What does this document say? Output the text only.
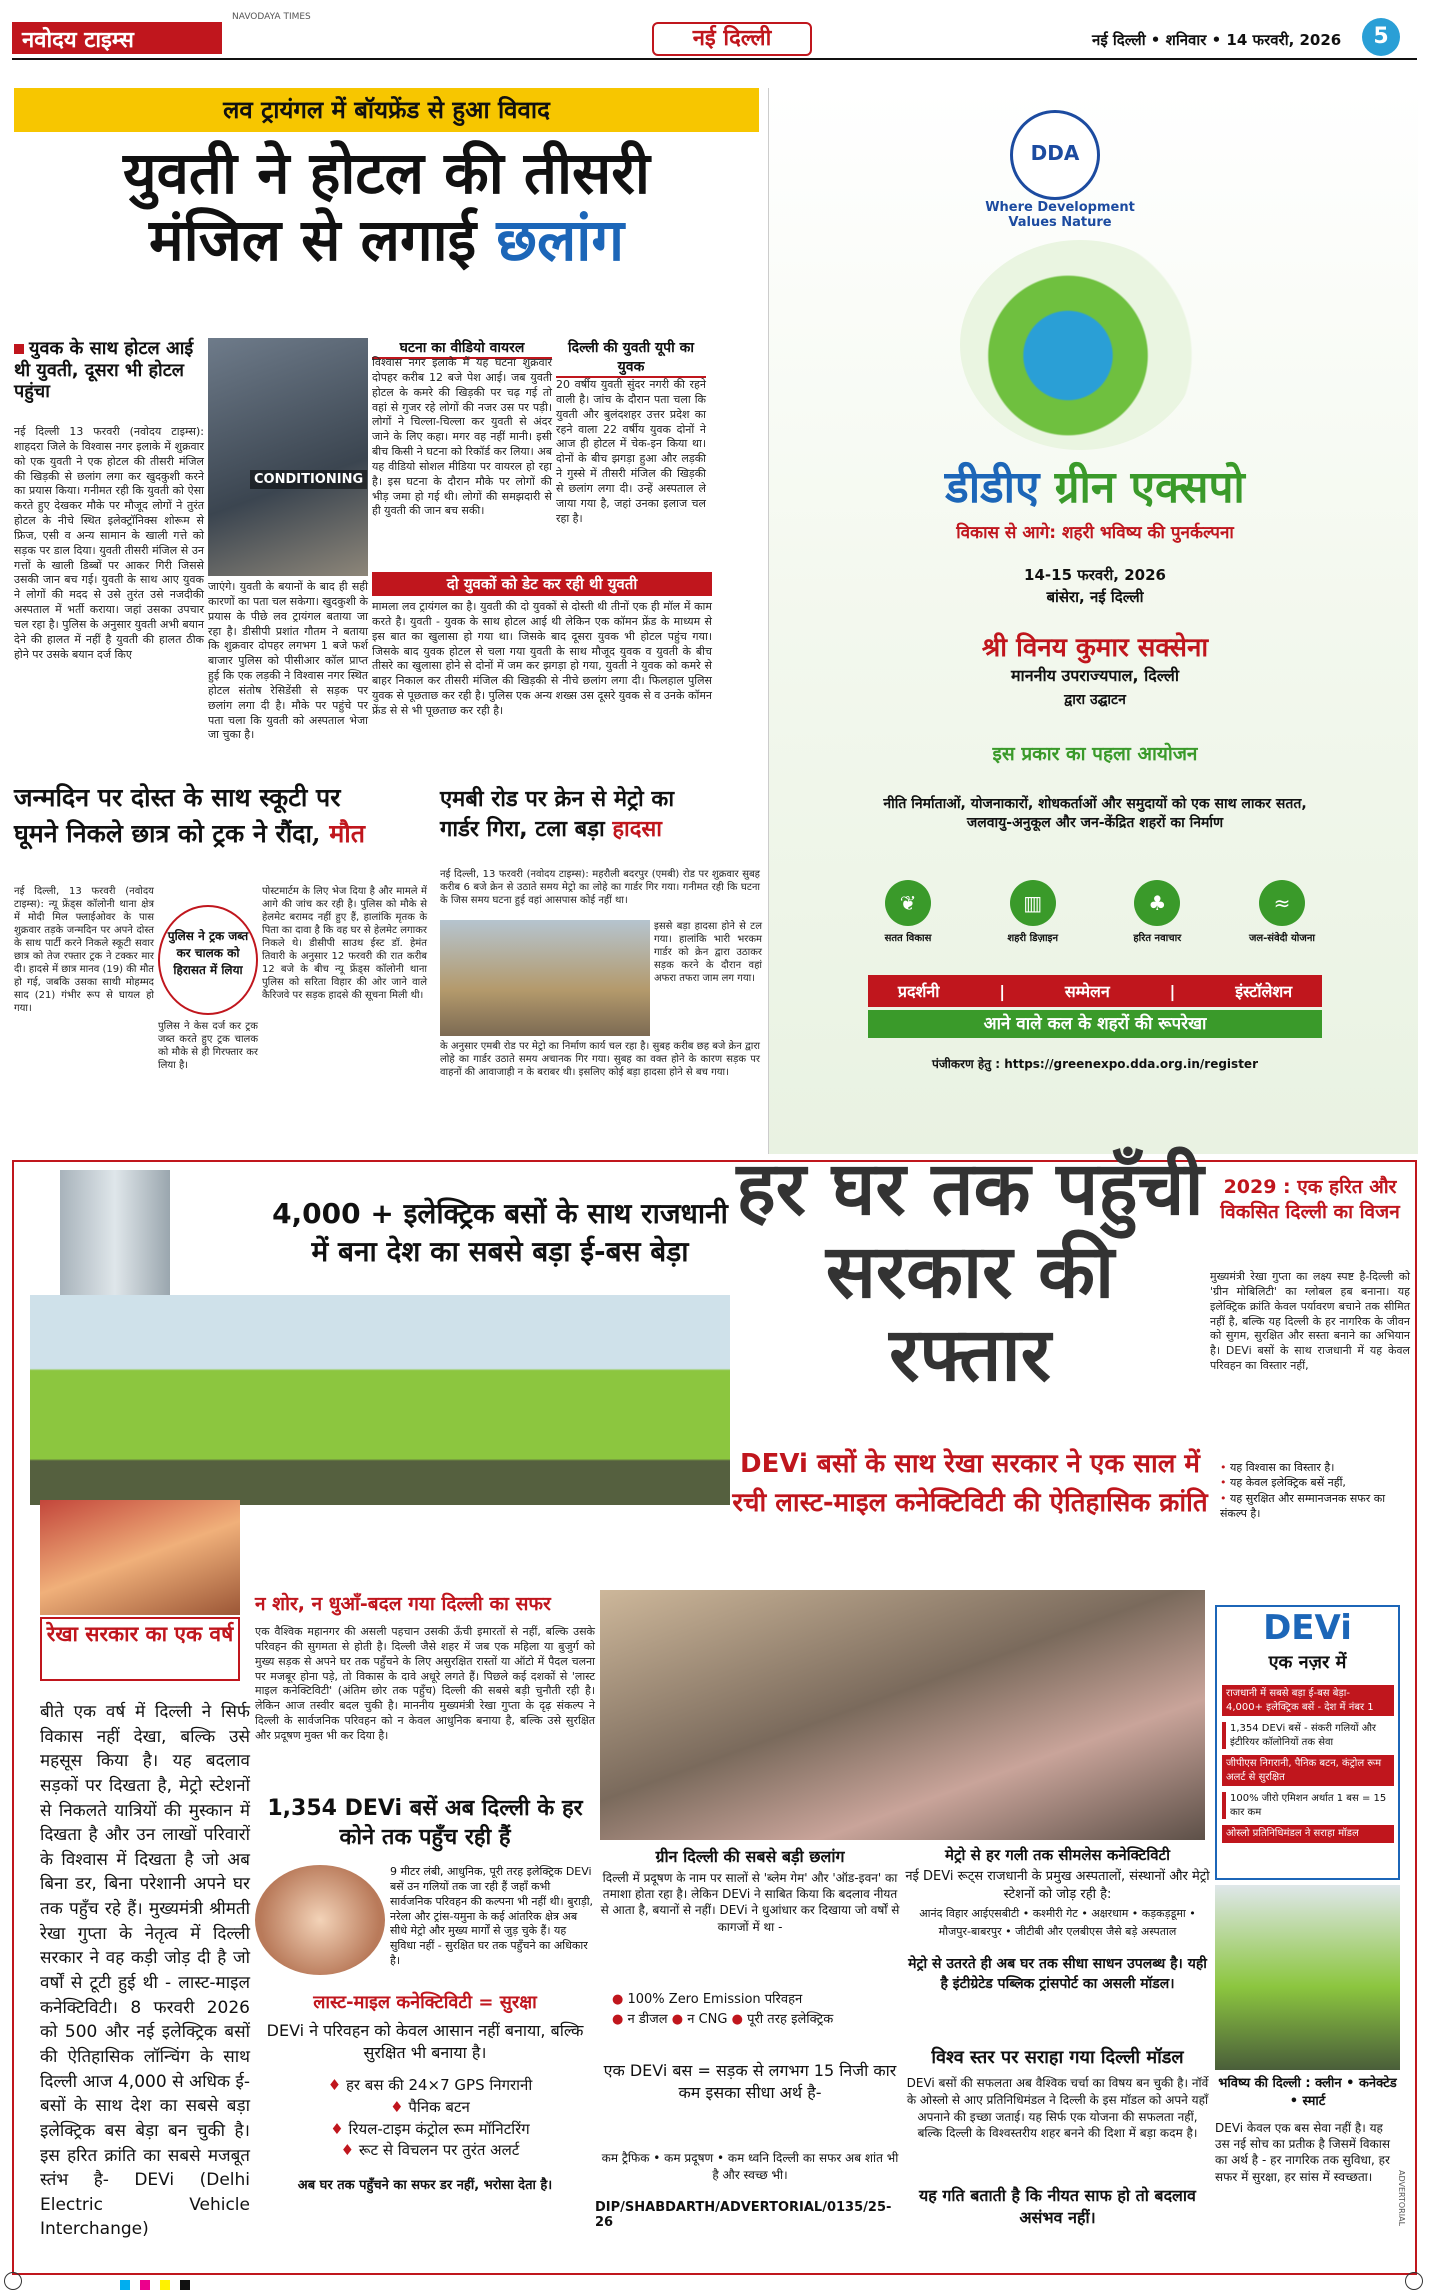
नवोदय टाइम्स
NAVODAYA TIMES
नई दिल्ली	नई दिल्ली • शनिवार • 14 फरवरी, 2026	5
लव ट्रायंगल में बॉयफ्रेंड से हुआ विवाद
युवती ने होटल की तीसरी
मंजिल से लगाई छलांग
युवक के साथ होटल आई थी युवती, दूसरा भी होटल पहुंचा
नई दिल्ली 13 फरवरी (नवोदय टाइम्स): शाहदरा जिले के विश्वास नगर इलाके में शुक्रवार को एक युवती ने एक होटल की तीसरी मंजिल की खिड़की से छलांग लगा कर खुदकुशी करने का प्रयास किया। गनीमत रही कि युवती को ऐसा करते हुए देखकर मौके पर मौजूद लोगों ने तुरंत होटल के नीचे स्थित इलेक्ट्रॉनिक्स शोरूम से फ्रिज, एसी व अन्य सामान के खाली गत्ते को सड़क पर डाल दिया। युवती तीसरी मंजिल से उन गत्तों के खाली डिब्बों पर आकर गिरी जिससे उसकी जान बच गई। युवती के साथ आए युवक ने लोगों की मदद से उसे तुरंत उसे नजदीकी अस्पताल में भर्ती कराया। जहां उसका उपचार चल रहा है। पुलिस के अनुसार युवती अभी बयान देने की हालत में नहीं है युवती की हालत ठीक होने पर उसके बयान दर्ज किए
CONDITIONING
जाएंगे। युवती के बयानों के बाद ही सही कारणों का पता चल सकेगा। खुदकुशी के प्रयास के पीछे लव ट्रायंगल बताया जा रहा है। डीसीपी प्रशांत गौतम ने बताया कि शुक्रवार दोपहर लगभग 1 बजे फर्श बाजार पुलिस को पीसीआर कॉल प्राप्त हुई कि एक लड़की ने विश्वास नगर स्थित होटल संतोष रेसिडेंसी से सड़क पर छलांग लगा दी है। मौके पर पहुंचे पर पता चला कि युवती को अस्पताल भेजा जा चुका है।
घटना का वीडियो वायरल
विश्वास नगर इलाके में यह घटना शुक्रवार दोपहर करीब 12 बजे पेश आई। जब युवती होटल के कमरे की खिड़की पर चढ़ गई तो वहां से गुजर रहे लोगों की नजर उस पर पड़ी। लोगों ने चिल्ला-चिल्ला कर युवती से अंदर जाने के लिए कहा। मगर वह नहीं मानी। इसी बीच किसी ने घटना को रिकॉर्ड कर लिया। अब यह वीडियो सोशल मीडिया पर वायरल हो रहा है। इस घटना के दौरान मौके पर लोगों की भीड़ जमा हो गई थी। लोगों की समझदारी से ही युवती की जान बच सकी।
दिल्ली की युवती यूपी का युवक
20 वर्षीय युवती सुंदर नगरी की रहने वाली है। जांच के दौरान पता चला कि युवती और बुलंदशहर उत्तर प्रदेश का रहने वाला 22 वर्षीय युवक दोनों ने आज ही होटल में चेक-इन किया था। दोनों के बीच झगड़ा हुआ और लड़की ने गुस्से में तीसरी मंजिल की खिड़की से छलांग लगा दी। उन्हें अस्पताल ले जाया गया है, जहां उनका इलाज चल रहा है।
दो युवकों को डेट कर रही थी युवती
मामला लव ट्रायंगल का है। युवती की दो युवकों से दोस्ती थी तीनों एक ही मॉल में काम करते है। युवती - युवक के साथ होटल आई थी लेकिन एक कॉमन फ्रेंड के माध्यम से इस बात का खुलासा हो गया था। जिसके बाद दूसरा युवक भी होटल पहुंच गया। जिसके बाद युवक होटल से चला गया युवती के साथ मौजूद युवक व युवती के बीच तीसरे का खुलासा होने से दोनों में जम कर झगड़ा हो गया, युवती ने युवक को कमरे से बाहर निकाल कर तीसरी मंजिल की खिड़की से नीचे छलांग लगा दी। फिलहाल पुलिस युवक से पूछताछ कर रही है। पुलिस एक अन्य शख्स उस दूसरे युवक से व उनके कॉमन फ्रेंड से से भी पूछताछ कर रही है।
DDA
Where Development Values Nature
डीडीए ग्रीन एक्सपो
विकास से आगे: शहरी भविष्य की पुनर्कल्पना
14-15 फरवरी, 2026
बांसेरा, नई दिल्ली
श्री विनय कुमार सक्सेना
माननीय उपराज्यपाल, दिल्ली
द्वारा उद्घाटन
इस प्रकार का पहला आयोजन
नीति निर्माताओं, योजनाकारों, शोधकर्ताओं और समुदायों को एक साथ लाकर सतत, जलवायु-अनुकूल और जन-केंद्रित शहरों का निर्माण
❦
सतत विकास
▥
शहरी डिज़ाइन
♣
हरित नवाचार
≈
जल-संवेदी योजना
प्रदर्शनी	|	सम्मेलन	|	इंस्टॉलेशन
आने वाले कल के शहरों की रूपरेखा
पंजीकरण हेतु : https://greenexpo.dda.org.in/register
जन्मदिन पर दोस्त के साथ स्कूटी पर
घूमने निकले छात्र को ट्रक ने रौंदा, मौत
नई दिल्ली, 13 फरवरी (नवोदय टाइम्स): न्यू फ्रेंड्स कॉलोनी थाना क्षेत्र में मोदी मिल फ्लाईओवर के पास शुक्रवार तड़के जन्मदिन पर अपने दोस्त के साथ पार्टी करने निकले स्कूटी सवार छात्र को तेज रफ्तार ट्रक ने टक्कर मार दी। हादसे में छात्र मानव (19) की मौत हो गई, जबकि उसका साथी मोहम्मद साद (21) गंभीर रूप से घायल हो गया।
पुलिस ने ट्रक जब्त कर चालक को हिरासत में लिया
पुलिस ने केस दर्ज कर ट्रक जब्त करते हुए ट्रक चालक को मौके से ही गिरफ्तार कर लिया है।
पोस्टमार्टम के लिए भेज दिया है और मामले में आगे की जांच कर रही है। पुलिस को मौके से हेलमेट बरामद नहीं हुए हैं, हालांकि मृतक के पिता का दावा है कि वह घर से हेलमेट लगाकर निकले थे। डीसीपी साउथ ईस्ट डॉ. हेमंत तिवारी के अनुसार 12 फरवरी की रात करीब 12 बजे के बीच न्यू फ्रेंड्स कॉलोनी थाना पुलिस को सरिता विहार की ओर जाने वाले कैरिजवे पर सड़क हादसे की सूचना मिली थी।
एमबी रोड पर क्रेन से मेट्रो का गार्डर गिरा, टला बड़ा हादसा
नई दिल्ली, 13 फरवरी (नवोदय टाइम्स): महरौली बदरपुर (एमबी) रोड पर शुक्रवार सुबह करीब 6 बजे क्रेन से उठाते समय मेट्रो का लोहे का गार्डर गिर गया। गनीमत रही कि घटना के जिस समय घटना हुई वहां आसपास कोई नहीं था।
इससे बड़ा हादसा होने से टल गया। हालांकि भारी भरकम गार्डर को क्रेन द्वारा उठाकर सड़क करने के दौरान वहां अफरा तफरा जाम लग गया।
के अनुसार एमबी रोड पर मेट्रो का निर्माण कार्य चल रहा है। सुबह करीब छह बजे क्रेन द्वारा लोहे का गार्डर उठाते समय अचानक गिर गया। सुबह का वक्त होने के कारण सड़क पर वाहनों की आवाजाही न के बराबर थी। इसलिए कोई बड़ा हादसा होने से बच गया।
4,000 + इलेक्ट्रिक बसों के साथ राजधानी में बना देश का सबसे बड़ा ई-बस बेड़ा
हर घर तक पहुँची सरकार की रफ्तार
DEVi बसों के साथ रेखा सरकार ने एक साल में रची लास्ट-माइल कनेक्टिविटी की ऐतिहासिक क्रांति
2029 : एक हरित और विकसित दिल्ली का विजन
मुख्यमंत्री रेखा गुप्ता का लक्ष्य स्पष्ट है-दिल्ली को 'ग्रीन मोबिलिटी' का ग्लोबल हब बनाना। यह इलेक्ट्रिक क्रांति केवल पर्यावरण बचाने तक सीमित नहीं है, बल्कि यह दिल्ली के हर नागरिक के जीवन को सुगम, सुरक्षित और सस्ता बनाने का अभियान है। DEVi बसों के साथ राजधानी में यह केवल परिवहन का विस्तार नहीं,
• यह विश्वास का विस्तार है।
• यह केवल इलेक्ट्रिक बसें नहीं,
• यह सुरक्षित और सम्मानजनक सफर का संकल्प है।
रेखा सरकार का एक वर्ष
बीते एक वर्ष में दिल्ली ने सिर्फ विकास नहीं देखा, बल्कि उसे महसूस किया है। यह बदलाव सड़कों पर दिखता है, मेट्रो स्टेशनों से निकलते यात्रियों की मुस्कान में दिखता है और उन लाखों परिवारों के विश्वास में दिखता है जो अब बिना डर, बिना परेशानी अपने घर तक पहुँच रहे हैं। मुख्यमंत्री श्रीमती रेखा गुप्ता के नेतृत्व में दिल्ली सरकार ने वह कड़ी जोड़ दी है जो वर्षों से टूटी हुई थी - लास्ट-माइल कनेक्टिविटी। 8 फरवरी 2026 को 500 और नई इलेक्ट्रिक बसों की ऐतिहासिक लॉन्चिंग के साथ दिल्ली आज 4,000 से अधिक ई-बसों के साथ देश का सबसे बड़ा इलेक्ट्रिक बस बेड़ा बन चुकी है। इस हरित क्रांति का सबसे मजबूत स्तंभ है- DEVi (Delhi Electric Vehicle Interchange)
न शोर, न धुआँ-बदल गया दिल्ली का सफर
एक वैश्विक महानगर की असली पहचान उसकी ऊँची इमारतों से नहीं, बल्कि उसके परिवहन की सुगमता से होती है। दिल्ली जैसे शहर में जब एक महिला या बुजुर्ग को मुख्य सड़क से अपने घर तक पहुँचने के लिए असुरक्षित रास्तों या ऑटो में पैदल चलना पर मजबूर होना पड़े, तो विकास के दावे अधूरे लगते हैं। पिछले कई दशकों से 'लास्ट माइल कनेक्टिविटी' (अंतिम छोर तक पहुँच) दिल्ली की सबसे बड़ी चुनौती रही है। लेकिन आज तस्वीर बदल चुकी है। माननीय मुख्यमंत्री रेखा गुप्ता के दृढ़ संकल्प ने दिल्ली के सार्वजनिक परिवहन को न केवल आधुनिक बनाया है, बल्कि उसे सुरक्षित और प्रदूषण मुक्त भी कर दिया है।
1,354 DEVi बसें अब दिल्ली के हर कोने तक पहुँच रही हैं
9 मीटर लंबी, आधुनिक, पूरी तरह इलेक्ट्रिक DEVi बसें उन गलियों तक जा रही हैं जहाँ कभी सार्वजनिक परिवहन की कल्पना भी नहीं थी। बुराड़ी, नरेला और ट्रांस-यमुना के कई आंतरिक क्षेत्र अब सीधे मेट्रो और मुख्य मार्गों से जुड़ चुके हैं। यह सुविधा नहीं - सुरक्षित घर तक पहुँचने का अधिकार है।
लास्ट-माइल कनेक्टिविटी = सुरक्षा
DEVi ने परिवहन को केवल आसान नहीं बनाया, बल्कि सुरक्षित भी बनाया है।
♦ हर बस की 24×7 GPS निगरानी
♦ पैनिक बटन
♦ रियल-टाइम कंट्रोल रूम मॉनिटरिंग
♦ रूट से विचलन पर तुरंत अलर्ट
अब घर तक पहुँचने का सफर डर नहीं, भरोसा देता है।
DIP/SHABDARTH/ADVERTORIAL/0135/25-26
ग्रीन दिल्ली की सबसे बड़ी छलांग
दिल्ली में प्रदूषण के नाम पर सालों से 'ब्लेम गेम' और 'ऑड-इवन' का तमाशा होता रहा है। लेकिन DEVi ने साबित किया कि बदलाव नीयत से आता है, बयानों से नहीं। DEVi ने धुआंधार कर दिखाया जो वर्षों से कागजों में था -
● 100% Zero Emission परिवहन
● न डीजल ● न CNG ● पूरी तरह इलेक्ट्रिक
एक DEVi बस = सड़क से लगभग 15 निजी कार कम इसका सीधा अर्थ है-
कम ट्रैफिक • कम प्रदूषण • कम ध्वनि दिल्ली का सफर अब शांत भी है और स्वच्छ भी।
मेट्रो से हर गली तक सीमलेस कनेक्टिविटी
नई DEVi रूट्स राजधानी के प्रमुख अस्पतालों, संस्थानों और मेट्रो स्टेशनों को जोड़ रही है:
आनंद विहार आईएसबीटी • कश्मीरी गेट • अक्षरधाम • कड़कड़डूमा • मौजपुर-बाबरपुर • जीटीबी और एलबीएस जैसे बड़े अस्पताल
मेट्रो से उतरते ही अब घर तक सीधा साधन उपलब्ध है। यही है इंटीग्रेटेड पब्लिक ट्रांसपोर्ट का असली मॉडल।
विश्व स्तर पर सराहा गया दिल्ली मॉडल
DEVi बसों की सफलता अब वैश्विक चर्चा का विषय बन चुकी है। नॉर्वे के ओस्लो से आए प्रतिनिधिमंडल ने दिल्ली के इस मॉडल को अपने यहाँ अपनाने की इच्छा जताई। यह सिर्फ एक योजना की सफलता नहीं, बल्कि दिल्ली के विश्वस्तरीय शहर बनने की दिशा में बड़ा कदम है।
यह गति बताती है कि नीयत साफ हो तो बदलाव असंभव नहीं।
DEVi
एक नज़र में
राजधानी में सबसे बड़ा ई-बस बेड़ा- 4,000+ इलेक्ट्रिक बसें - देश में नंबर 1
1,354 DEVi बसें - संकरी गलियों और इंटीरियर कॉलोनियों तक सेवा
जीपीएस निगरानी, पैनिक बटन, कंट्रोल रूम अलर्ट से सुरक्षित
100% जीरो एमिशन अर्थात 1 बस = 15 कार कम
ओस्लो प्रतिनिधिमंडल ने सराहा मॉडल
भविष्य की दिल्ली : क्लीन • कनेक्टेड • स्मार्ट
DEVi केवल एक बस सेवा नहीं है। यह उस नई सोच का प्रतीक है जिसमें विकास का अर्थ है - हर नागरिक तक सुविधा, हर सफर में सुरक्षा, हर सांस में स्वच्छता।	ADVERTORIAL
